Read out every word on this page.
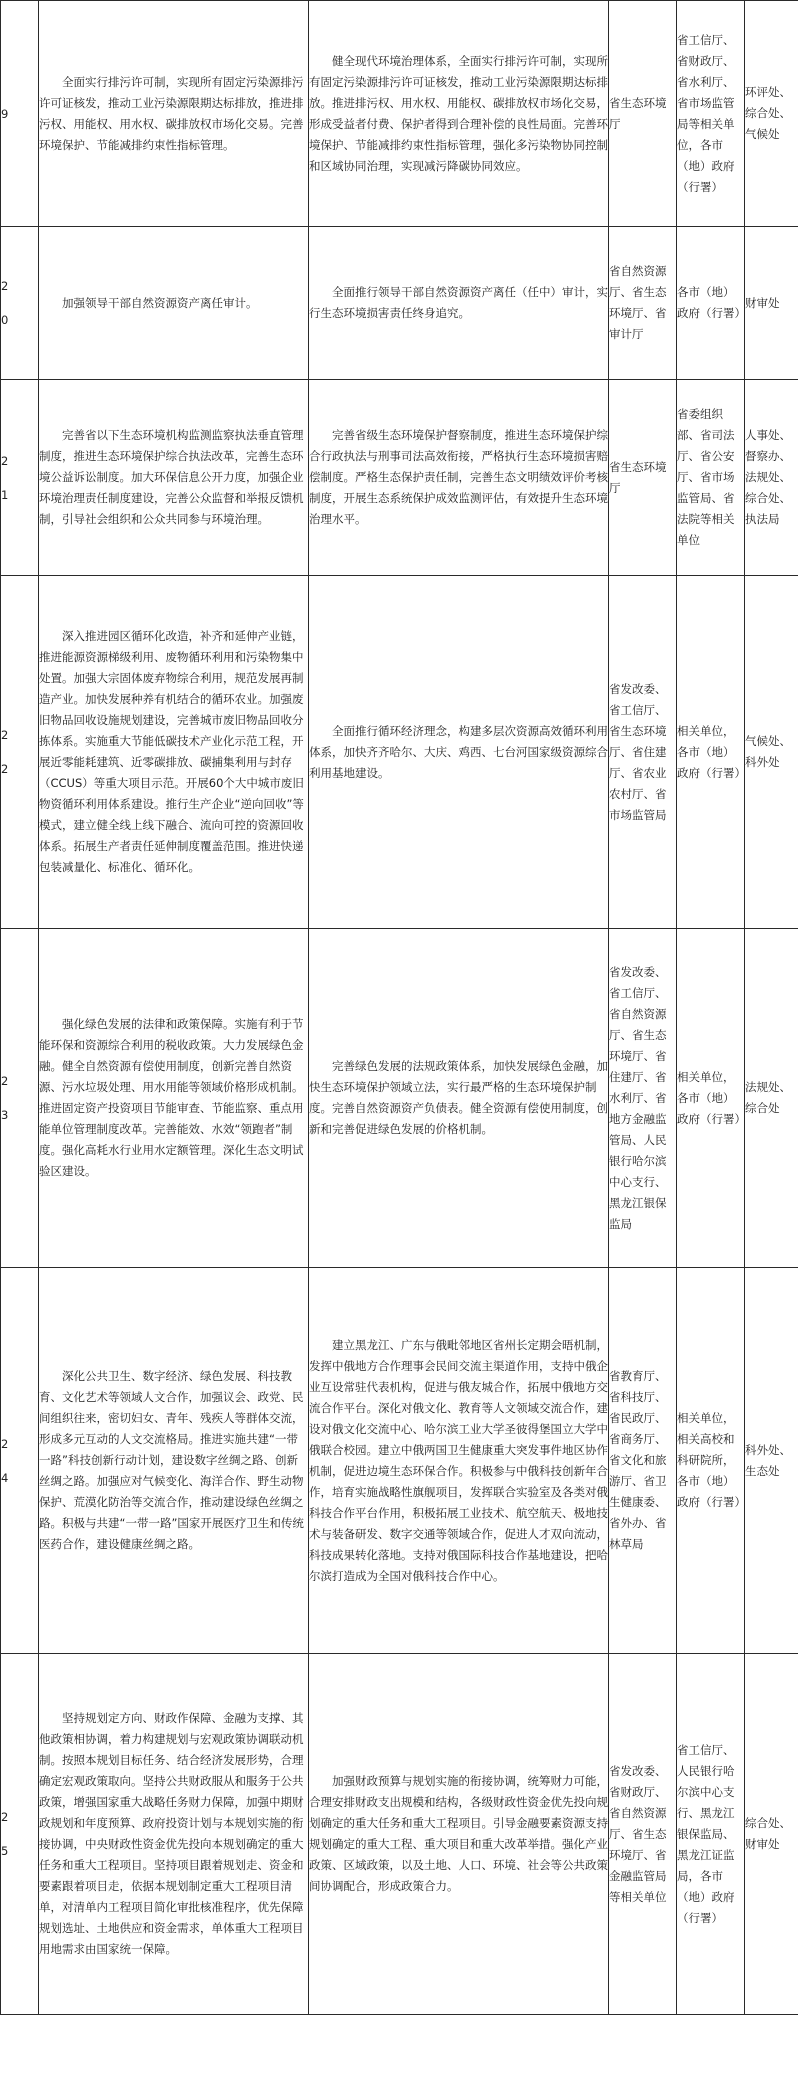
9	全面实行排污许可制，实现所有固定污染源排污许可证核发，推动工业污染源限期达标排放，推进排污权、用能权、用水权、碳排放权市场化交易。完善环境保护、节能减排约束性指标管理。	健全现代环境治理体系，全面实行排污许可制，实现所有固定污染源排污许可证核发，推动工业污染源限期达标排放。推进排污权、用水权、用能权、碳排放权市场化交易，形成受益者付费、保护者得到合理补偿的良性局面。完善环境保护、节能减排约束性指标管理，强化多污染物协同控制和区域协同治理，实现减污降碳协同效应。	省生态环境厅	省工信厅、省财政厅、省水利厅、省市场监管局等相关单位，各市（地）政府（行署）	环评处、综合处、气候处

2
0	加强领导干部自然资源资产离任审计。	全面推行领导干部自然资源资产离任（任中）审计，实行生态环境损害责任终身追究。	省自然资源厅、省生态环境厅、省审计厅	各市（地）政府（行署）	财审处

2
1	完善省以下生态环境机构监测监察执法垂直管理制度，推进生态环境保护综合执法改革，完善生态环境公益诉讼制度。加大环保信息公开力度，加强企业环境治理责任制度建设，完善公众监督和举报反馈机制，引导社会组织和公众共同参与环境治理。	完善省级生态环境保护督察制度，推进生态环境保护综合行政执法与刑事司法高效衔接，严格执行生态环境损害赔偿制度。严格生态保护责任制，完善生态文明绩效评价考核制度，开展生态系统保护成效监测评估，有效提升生态环境治理水平。	省生态环境厅	省委组织部、省司法厅、省公安厅、省市场监管局、省法院等相关单位	人事处、督察办、法规处、综合处、执法局

2
2	深入推进园区循环化改造，补齐和延伸产业链，推进能源资源梯级利用、废物循环利用和污染物集中处置。加强大宗固体废弃物综合利用，规范发展再制造产业。加快发展种养有机结合的循环农业。加强废旧物品回收设施规划建设，完善城市废旧物品回收分拣体系。实施重大节能低碳技术产业化示范工程，开展近零能耗建筑、近零碳排放、碳捕集利用与封存（CCUS）等重大项目示范。开展60个大中城市废旧物资循环利用体系建设。推行生产企业“逆向回收”等模式，建立健全线上线下融合、流向可控的资源回收体系。拓展生产者责任延伸制度覆盖范围。推进快递包装减量化、标准化、循环化。	全面推行循环经济理念，构建多层次资源高效循环利用体系，加快齐齐哈尔、大庆、鸡西、七台河国家级资源综合利用基地建设。	省发改委、省工信厅、省生态环境厅、省住建厅、省农业农村厅、省市场监管局	相关单位，各市（地）政府（行署）	气候处、科外处

2
3	强化绿色发展的法律和政策保障。实施有利于节能环保和资源综合利用的税收政策。大力发展绿色金融。健全自然资源有偿使用制度，创新完善自然资源、污水垃圾处理、用水用能等领域价格形成机制。推进固定资产投资项目节能审查、节能监察、重点用能单位管理制度改革。完善能效、水效“领跑者”制度。强化高耗水行业用水定额管理。深化生态文明试验区建设。	完善绿色发展的法规政策体系，加快发展绿色金融，加快生态环境保护领域立法，实行最严格的生态环境保护制度。完善自然资源资产负债表。健全资源有偿使用制度，创新和完善促进绿色发展的价格机制。	省发改委、省工信厅、省自然资源厅、省生态环境厅、省住建厅、省水利厅、省地方金融监管局、人民银行哈尔滨中心支行、黑龙江银保监局	相关单位，各市（地）政府（行署）	法规处、综合处

2
4	深化公共卫生、数字经济、绿色发展、科技教育、文化艺术等领域人文合作，加强议会、政党、民间组织往来，密切妇女、青年、残疾人等群体交流，形成多元互动的人文交流格局。推进实施共建“一带一路”科技创新行动计划，建设数字丝绸之路、创新丝绸之路。加强应对气候变化、海洋合作、野生动物保护、荒漠化防治等交流合作，推动建设绿色丝绸之路。积极与共建“一带一路”国家开展医疗卫生和传统医药合作，建设健康丝绸之路。	建立黑龙江、广东与俄毗邻地区省州长定期会晤机制，发挥中俄地方合作理事会民间交流主渠道作用，支持中俄企业互设常驻代表机构，促进与俄友城合作，拓展中俄地方交流合作平台。深化对俄文化、教育等人文领域交流合作，建设对俄文化交流中心、哈尔滨工业大学圣彼得堡国立大学中俄联合校园。建立中俄两国卫生健康重大突发事件地区协作机制，促进边境生态环保合作。积极参与中俄科技创新年合作，培育实施战略性旗舰项目，发挥联合实验室及各类对俄科技合作平台作用，积极拓展工业技术、航空航天、极地技术与装备研发、数字交通等领域合作，促进人才双向流动，科技成果转化落地。支持对俄国际科技合作基地建设，把哈尔滨打造成为全国对俄科技合作中心。	省教育厅、省科技厅、省民政厅、省商务厅、省文化和旅游厅、省卫生健康委、省外办、省林草局	相关单位，相关高校和科研院所，各市（地）政府（行署）	科外处、生态处

2
5	坚持规划定方向、财政作保障、金融为支撑、其他政策相协调，着力构建规划与宏观政策协调联动机制。按照本规划目标任务、结合经济发展形势，合理确定宏观政策取向。坚持公共财政服从和服务于公共政策，增强国家重大战略任务财力保障，加强中期财政规划和年度预算、政府投资计划与本规划实施的衔接协调，中央财政性资金优先投向本规划确定的重大任务和重大工程项目。坚持项目跟着规划走、资金和要素跟着项目走，依据本规划制定重大工程项目清单，对清单内工程项目简化审批核准程序，优先保障规划选址、土地供应和资金需求，单体重大工程项目用地需求由国家统一保障。	加强财政预算与规划实施的衔接协调，统筹财力可能，合理安排财政支出规模和结构，各级财政性资金优先投向规划确定的重大任务和重大工程项目。引导金融要素资源支持规划确定的重大工程、重大项目和重大改革举措。强化产业政策、区域政策，以及土地、人口、环境、社会等公共政策间协调配合，形成政策合力。	省发改委、省财政厅、省自然资源厅、省生态环境厅、省金融监管局等相关单位	省工信厅、人民银行哈尔滨中心支行、黑龙江银保监局、黑龙江证监局，各市（地）政府（行署）	综合处、财审处
